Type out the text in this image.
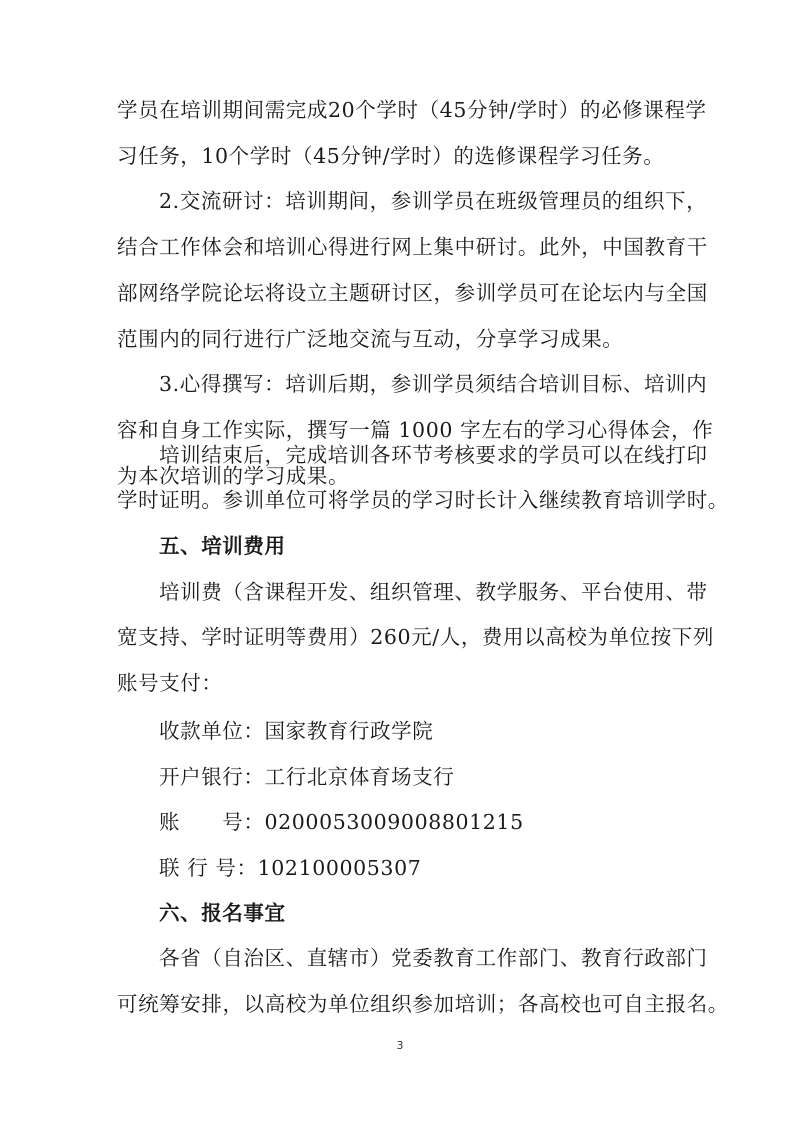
学员在培训期间需完成20个学时（45分钟/学时）的必修课程学
习任务，10个学时（45分钟/学时）的选修课程学习任务。
2.交流研讨：培训期间，参训学员在班级管理员的组织下，
结合工作体会和培训心得进行网上集中研讨。此外，中国教育干
部网络学院论坛将设立主题研讨区，参训学员可在论坛内与全国
范围内的同行进行广泛地交流与互动，分享学习成果。
3.心得撰写：培训后期，参训学员须结合培训目标、培训内
容和自身工作实际，撰写一篇 1000 字左右的学习心得体会，作
为本次培训的学习成果。
培训结束后，完成培训各环节考核要求的学员可以在线打印
学时证明。参训单位可将学员的学习时长计入继续教育培训学时。
五、培训费用
培训费（含课程开发、组织管理、教学服务、平台使用、带
宽支持、学时证明等费用）260元/人，费用以高校为单位按下列
账号支付：
收款单位：国家教育行政学院
开户银行：工行北京体育场支行
账　　号：0200053009008801215
联 行 号：102100005307
六、报名事宜
各省（自治区、直辖市）党委教育工作部门、教育行政部门
可统筹安排，以高校为单位组织参加培训；各高校也可自主报名。
3
